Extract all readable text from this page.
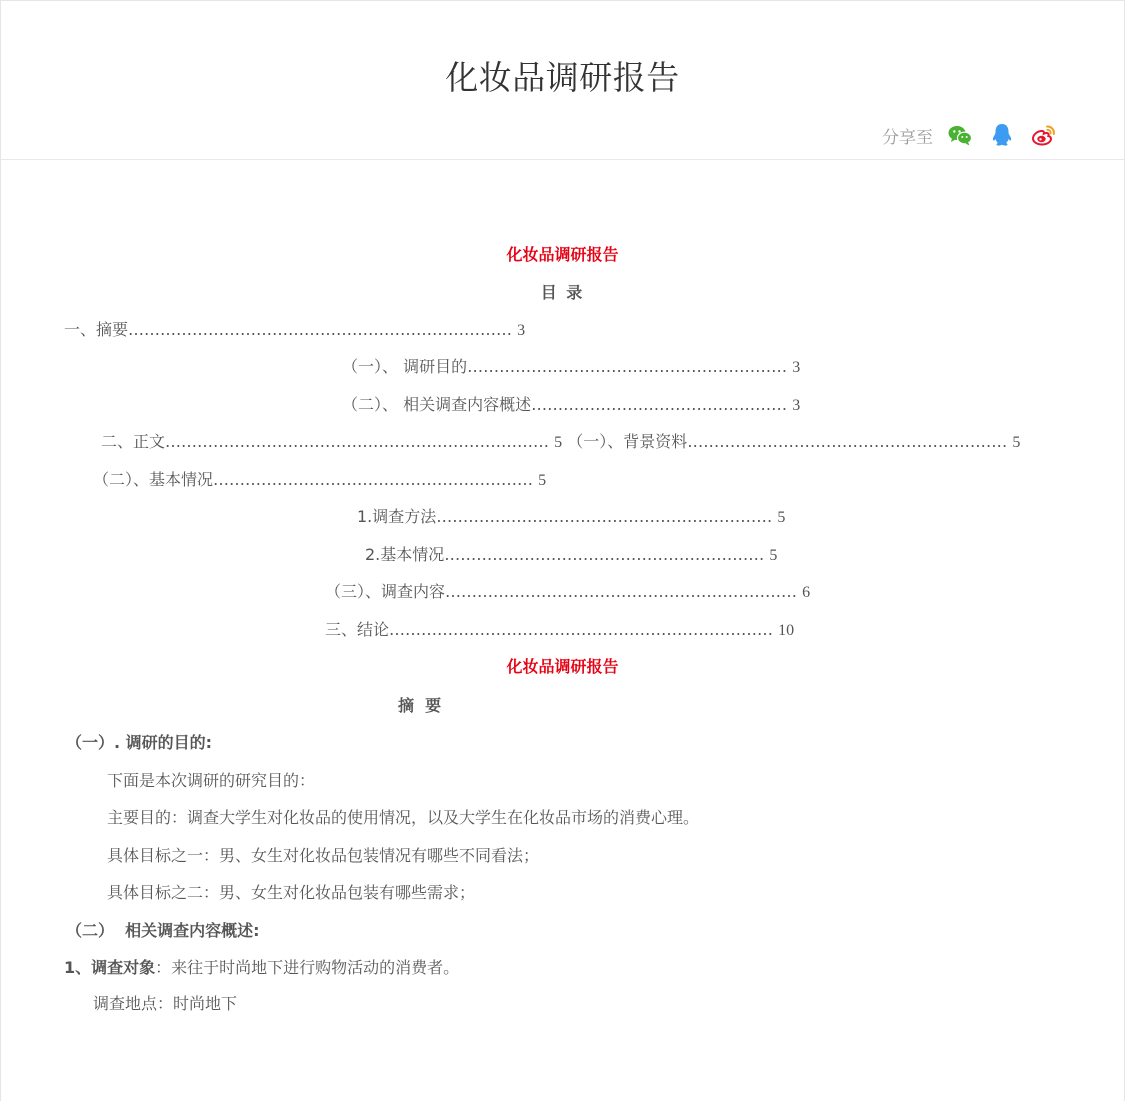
化妆品调研报告
分享至
化妆品调研报告
目 录
一、摘要……………………………………………………………… 3
（一）、 调研目的…………………………………………………… 3
（二）、 相关调查内容概述………………………………………… 3
二、正文……………………………………………………………… 5 （一）、背景资料…………………………………………………… 5
（二）、基本情况…………………………………………………… 5
1.调查方法……………………………………………………… 5
2.基本情况…………………………………………………… 5
（三）、调查内容………………………………………………………… 6
三、结论……………………………………………………………… 10
化妆品调研报告
摘  要
（一）. 调研的目的:
下面是本次调研的研究目的：
主要目的：调查大学生对化妆品的使用情况，以及大学生在化妆品市场的消费心理。
具体目标之一：男、女生对化妆品包装情况有哪些不同看法；
具体目标之二：男、女生对化妆品包装有哪些需求；
（二）  相关调查内容概述:
1、调查对象：来往于时尚地下进行购物活动的消费者。
调查地点：时尚地下
